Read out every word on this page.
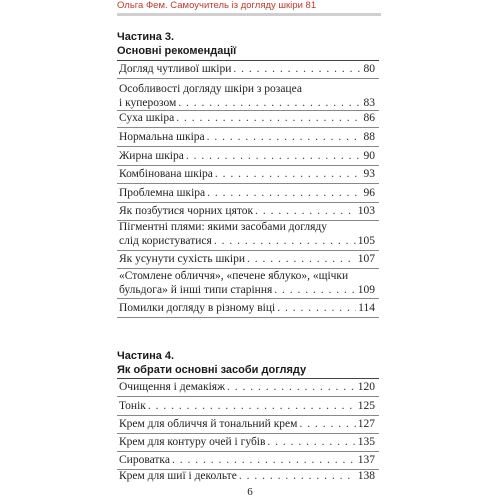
Ольга Фем. Самоучитель із догляду шкіри 81
Частина 3.
Основні рекомендації
Догляд чутливої шкіри . . .	80
Особливості догляду шкіри з розацеа
і куперозом . . .	83
Суха шкіра . . .	86
Нормальна шкіра . . .	88
Жирна шкіра . . .	90
Комбінована шкіра . . .	93
Проблемна шкіра . . .	96
Як позбутися чорних цяток . . .	103
Пігментні плями: якими засобами догляду
слід користуватися . . .	105
Як усунути сухість шкіри . . .	107
«Стомлене обличчя», «печене яблуко», «щічки
бульдога» й інші типи старіння . . .	109
Помилки догляду в різному віці . . .	114
Частина 4.
Як обрати основні засоби догляду
Очищення і демакіяж . . .	120
Тонік . . .	125
Крем для обличчя й тональний крем . . .	127
Крем для контуру очей і губів . . .	135
Сироватка . . .	137
Крем для шиї і декольте . . .	138
6
